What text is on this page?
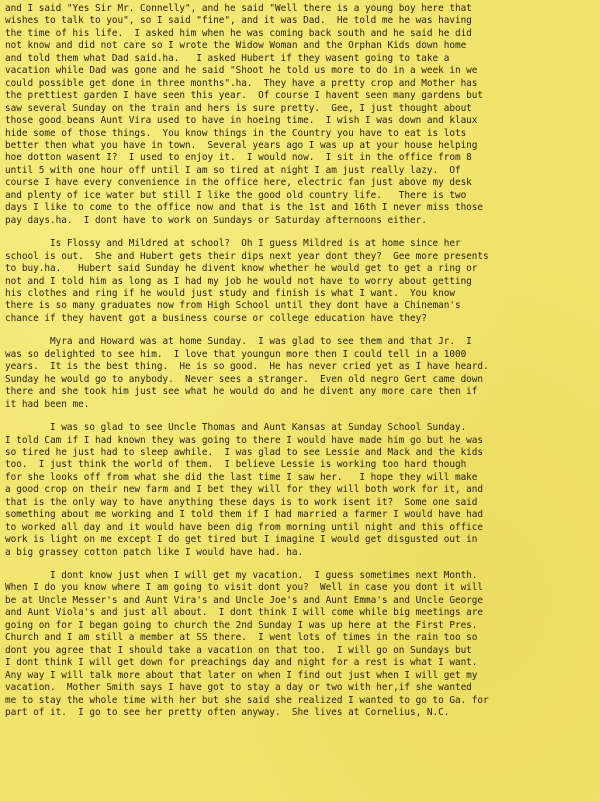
and I said "Yes Sir Mr. Connelly", and he said "Well there is a young boy here that
wishes to talk to you", so I said "fine", and it was Dad.  He told me he was having
the time of his life.  I asked him when he was coming back south and he said he did
not know and did not care so I wrote the Widow Woman and the Orphan Kids down home
and told them what Dad said.ha.   I asked Hubert if they wasent going to take a
vacation while Dad was gone and he said "Shoot he told us more to do in a week in we
could possible get done in three months".ha.  They have a pretty crop and Mother has
the prettiest garden I have seen this year.  Of course I havent seen many gardens but
saw several Sunday on the train and hers is sure pretty.  Gee, I just thought about
those good beans Aunt Vira used to have in hoeing time.  I wish I was down and klaux
hide some of those things.  You know things in the Country you have to eat is lots
better then what you have in town.  Several years ago I was up at your house helping
hoe dotton wasent I?  I used to enjoy it.  I would now.  I sit in the office from 8
until 5 with one hour off until I am so tired at night I am just really lazy.  Of
course I have every convenience in the office here, electric fan just above my desk
and plenty of ice water but still I like the good old country life.   There is two
days I like to come to the office now and that is the 1st and 16th I never miss those
pay days.ha.  I dont have to work on Sundays or Saturday afternoons either.
Is Flossy and Mildred at school?  Oh I guess Mildred is at home since her
school is out.  She and Hubert gets their dips next year dont they?  Gee more presents
to buy.ha.   Hubert said Sunday he divent know whether he would get to get a ring or
not and I told him as long as I had my job he would not have to worry about getting
his clothes and ring if he would just study and finish is what I want.  You know
there is so many graduates now from High School until they dont have a Chineman's
chance if they havent got a business course or college education have they?
Myra and Howard was at home Sunday.  I was glad to see them and that Jr.  I
was so delighted to see him.  I love that youngun more then I could tell in a 1000
years.  It is the best thing.  He is so good.  He has never cried yet as I have heard.
Sunday he would go to anybody.  Never sees a stranger.  Even old negro Gert came down
there and she took him just see what he would do and he divent any more care then if
it had been me.
I was so glad to see Uncle Thomas and Aunt Kansas at Sunday School Sunday.
I told Cam if I had known they was going to there I would have made him go but he was
so tired he just had to sleep awhile.  I was glad to see Lessie and Mack and the kids
too.  I just think the world of them.  I believe Lessie is working too hard though
for she looks off from what she did the last time I saw her.   I hope they will make
a good crop on their new farm and I bet they will for they will both work for it, and
that is the only way to have anything these days is to work isent it?  Some one said
something about me working and I told them if I had married a farmer I would have had
to worked all day and it would have been dig from morning until night and this office
work is light on me except I do get tired but I imagine I would get disgusted out in
a big grassey cotton patch like I would have had. ha.
I dont know just when I will get my vacation.  I guess sometimes next Month.
When I do you know where I am going to visit dont you?  Well in case you dont it will
be at Uncle Messer's and Aunt Vira's and Uncle Joe's and Aunt Emma's and Uncle George
and Aunt Viola's and just all about.  I dont think I will come while big meetings are
going on for I began going to church the 2nd Sunday I was up here at the First Pres.
Church and I am still a member at SS there.  I went lots of times in the rain too so
dont you agree that I should take a vacation on that too.  I will go on Sundays but
I dont think I will get down for preachings day and night for a rest is what I want.
Any way I will talk more about that later on when I find out just when I will get my
vacation.  Mother Smith says I have got to stay a day or two with her,if she wanted
me to stay the whole time with her but she said she realized I wanted to go to Ga. for
part of it.  I go to see her pretty often anyway.  She lives at Cornelius, N.C.
